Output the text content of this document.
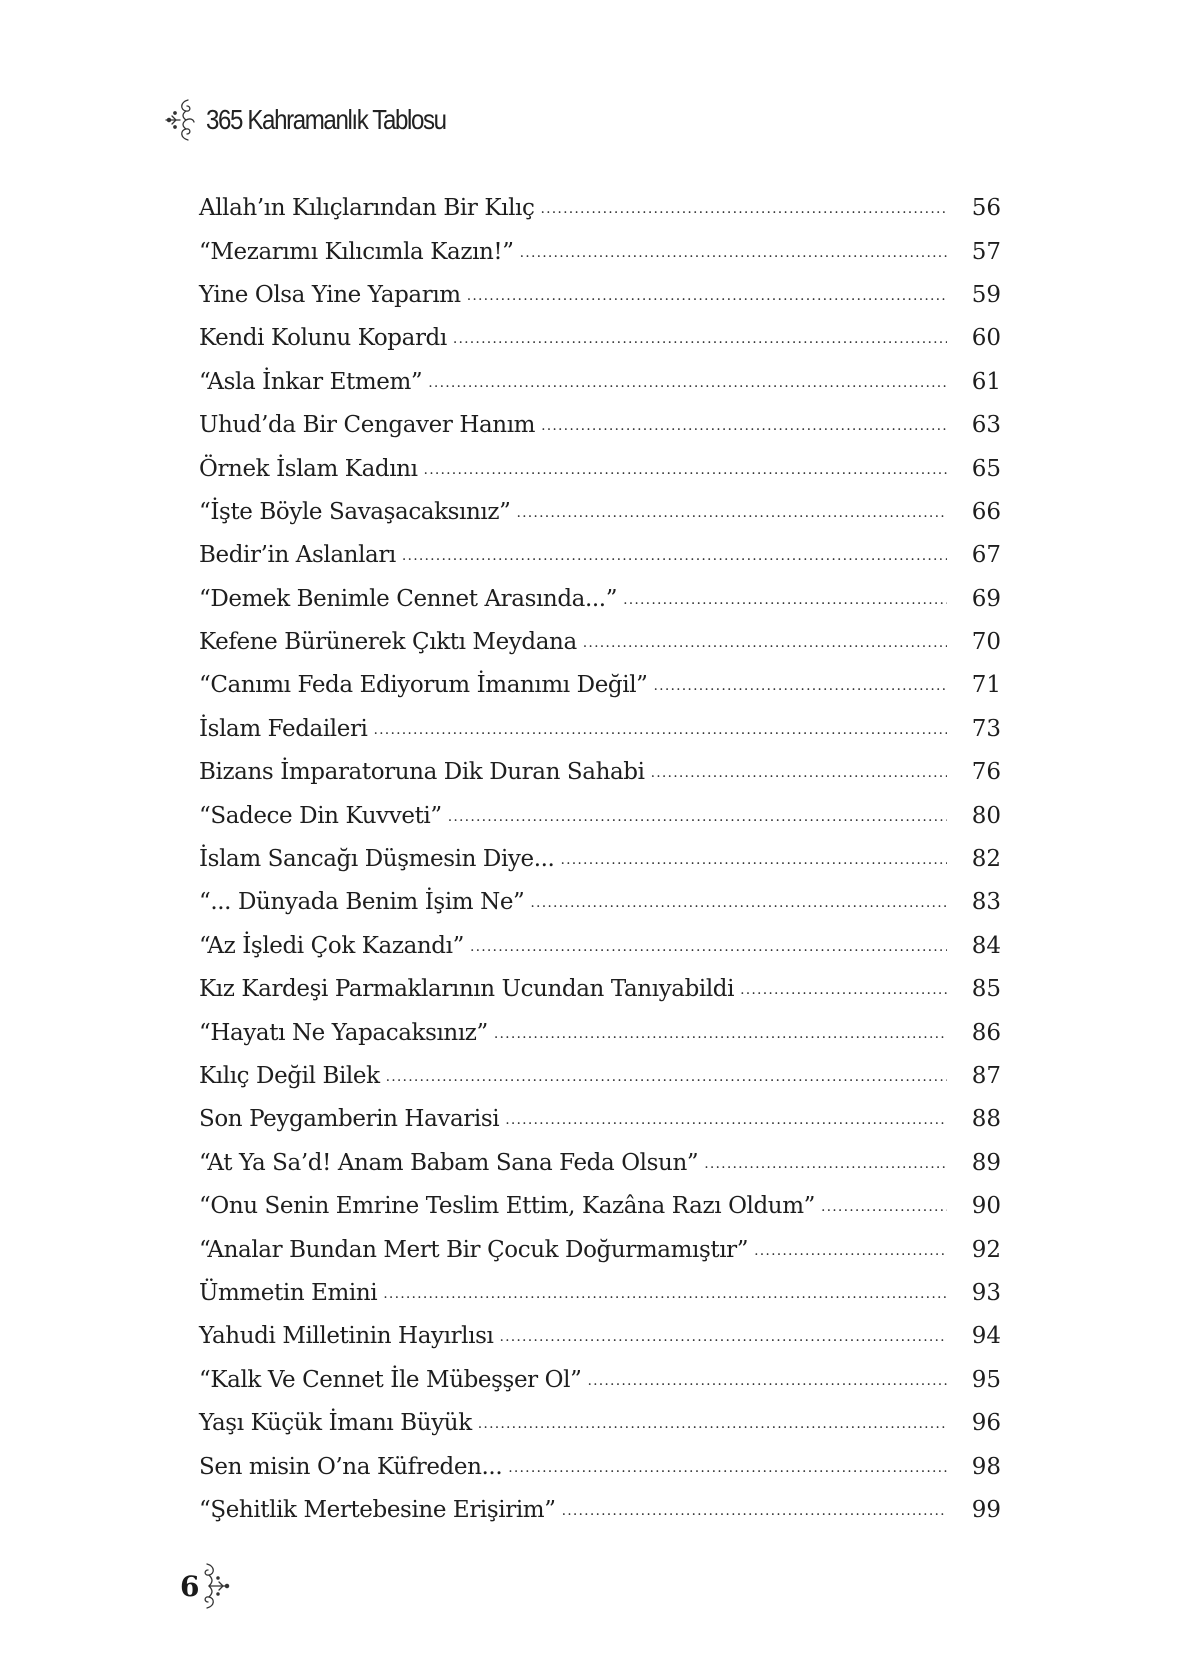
365 Kahramanlık Tablosu
Allah’ın Kılıçlarından Bir Kılıç .....	56
“Mezarımı Kılıcımla Kazın!” .....	57
Yine Olsa Yine Yaparım .....	59
Kendi Kolunu Kopardı .....	60
“Asla İnkar Etmem” .....	61
Uhud’da Bir Cengaver Hanım .....	63
Örnek İslam Kadını .....	65
“İşte Böyle Savaşacaksınız” .....	66
Bedir’in Aslanları .....	67
“Demek Benimle Cennet Arasında...” .....	69
Kefene Bürünerek Çıktı Meydana .....	70
“Canımı Feda Ediyorum İmanımı Değil” .....	71
İslam Fedaileri .....	73
Bizans İmparatoruna Dik Duran Sahabi .....	76
“Sadece Din Kuvveti” .....	80
İslam Sancağı Düşmesin Diye... .....	82
“... Dünyada Benim İşim Ne” .....	83
“Az İşledi Çok Kazandı” .....	84
Kız Kardeşi Parmaklarının Ucundan Tanıyabildi .....	85
“Hayatı Ne Yapacaksınız” .....	86
Kılıç Değil Bilek .....	87
Son Peygamberin Havarisi .....	88
“At Ya Sa’d! Anam Babam Sana Feda Olsun” .....	89
“Onu Senin Emrine Teslim Ettim, Kazâna Razı Oldum” .....	90
“Analar Bundan Mert Bir Çocuk Doğurmamıştır” .....	92
Ümmetin Emini .....	93
Yahudi Milletinin Hayırlısı .....	94
“Kalk Ve Cennet İle Mübeşşer Ol” .....	95
Yaşı Küçük İmanı Büyük .....	96
Sen misin O’na Küfreden... .....	98
“Şehitlik Mertebesine Erişirim” .....	99
6
